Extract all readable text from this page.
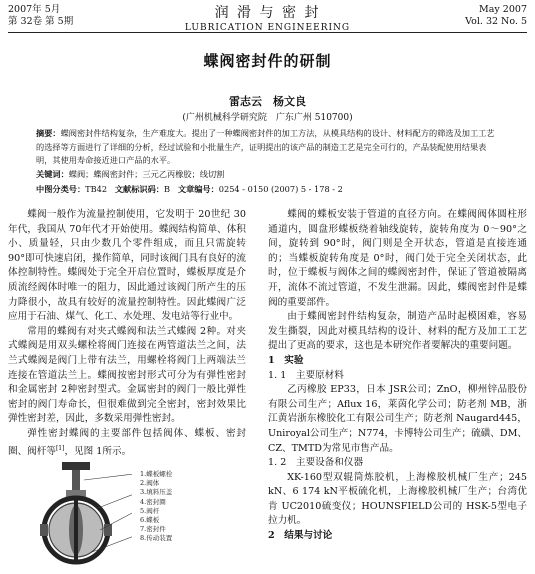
2007年 5月
第 32卷 第 5期
润 滑 与 密 封
LUBRICATION ENGINEERING
May 2007
Vol. 32 No. 5
蝶阀密封件的研制
雷志云　杨文良
(广州机械科学研究院　广东广州 510700)
摘要：蝶阀密封件结构复杂，生产难度大。提出了一种蝶阀密封件的加工方法，从模具结构的设计、材料配方的筛选及加工工艺的选择等方面进行了详细的分析，经过试验和小批量生产，证明提出的该产品的制造工艺是完全可行的，产品装配使用结果表明，其使用寿命接近进口产品的水平。
关键词：蝶阀；蝶阀密封件；三元乙丙橡胶；线切割
中图分类号：TB42 文献标识码：B 文章编号：0254 - 0150 (2007) 5 - 178 - 2

蝶阀一般作为流量控制使用，它发明于 20世纪 30年代，我国从 70年代才开始使用。蝶阀结构简单、体积小、质量轻，只由少数几个零件组成，而且只需旋转 90°即可快速启闭，操作简单，同时该阀门具有良好的流体控制特性。蝶阀处于完全开启位置时，蝶板厚度是介质流经阀体时唯一的阻力，因此通过该阀门所产生的压力降很小，故具有较好的流量控制特性。因此蝶阀广泛应用于石油、煤气、化工、水处理、发电站等行业中。

常用的蝶阀有对夹式蝶阀和法兰式蝶阀 2种。对夹式蝶阀是用双头螺栓将阀门连接在两管道法兰之间，法兰式蝶阀是阀门上带有法兰，用螺栓将阀门上两端法兰连接在管道法兰上。蝶阀按密封形式可分为有弹性密封和金属密封 2种密封型式。金属密封的阀门一般比弹性密封的阀门寿命长，但很难做到完全密封，密封效果比弹性密封差，因此，多数采用弹性密封。

弹性密封蝶阀的主要部件包括阀体、蝶板、密封圈、阀杆等[1]，见图 1所示。

1.蝶板螺栓
2.阀体
3.填料压盖
4.密封圈
5.阀杆
6.蝶板
7.密封件
8.传动装置

蝶阀的蝶板安装于管道的直径方向。在蝶阀阀体圆柱形通道内，圆盘形蝶板绕着轴线旋转，旋转角度为 0～90°之间，旋转到 90°时，阀门则是全开状态，管道是直接连通的；当蝶板旋转角度是 0°时，阀门处于完全关闭状态，此时，位于蝶板与阀体之间的蝶阀密封件，保证了管道被隔离开，流体不流过管道，不发生泄漏。因此，蝶阀密封件是蝶阀的重要部件。

由于蝶阀密封件结构复杂，制造产品时起模困难，容易发生撕裂，因此对模具结构的设计、材料的配方及加工工艺提出了更高的要求，这也是本研究作者要解决的重要问题。

1　实验

1. 1　主要原材料

乙丙橡胶 EP33，日本 JSR公司；ZnO，柳州锌品股份有限公司生产；Aflux 16，莱茵化学公司；防老剂 MB，浙江黄岩浙东橡胶化工有限公司生产；防老剂 Naugard445，Uniroyal公司生产；N774，卡博特公司生产；硫磺、DM、CZ、TMTD为常见市售产品。

1. 2　主要设备和仪器

XK-160型双辊筒炼胶机，上海橡胶机械厂生产；245 kN、6 174 kN平板硫化机，上海橡胶机械厂生产；台湾优肯 UC2010硫变仪；HOUNSFIELD公司的 HSK-5型电子拉力机。

2　结果与讨论
